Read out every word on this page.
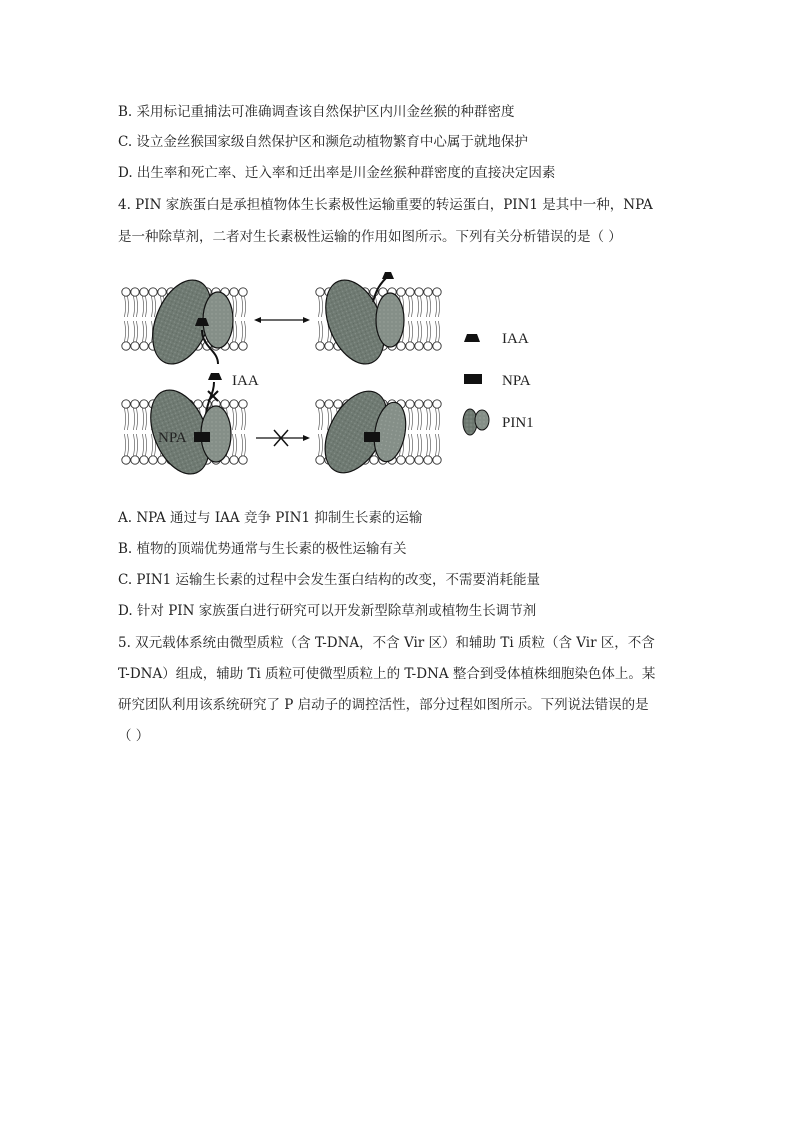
B. 采用标记重捕法可准确调查该自然保护区内川金丝猴的种群密度
C. 设立金丝猴国家级自然保护区和濒危动植物繁育中心属于就地保护
D. 出生率和死亡率、迁入率和迁出率是川金丝猴种群密度的直接决定因素
4. PIN 家族蛋白是承担植物体生长素极性运输重要的转运蛋白，PIN1 是其中一种，NPA
是一种除草剂，二者对生长素极性运输的作用如图所示。下列有关分析错误的是（ ）
IAA
NPA
IAA
NPA
PIN1
A. NPA 通过与 IAA 竞争 PIN1 抑制生长素的运输
B. 植物的顶端优势通常与生长素的极性运输有关
C. PIN1 运输生长素的过程中会发生蛋白结构的改变，不需要消耗能量
D. 针对 PIN 家族蛋白进行研究可以开发新型除草剂或植物生长调节剂
5. 双元载体系统由微型质粒（含 T-DNA，不含 Vir 区）和辅助 Ti 质粒（含 Vir 区，不含
T-DNA）组成，辅助 Ti 质粒可使微型质粒上的 T-DNA 整合到受体植株细胞染色体上。某
研究团队利用该系统研究了 P 启动子的调控活性，部分过程如图所示。下列说法错误的是
（ ）
